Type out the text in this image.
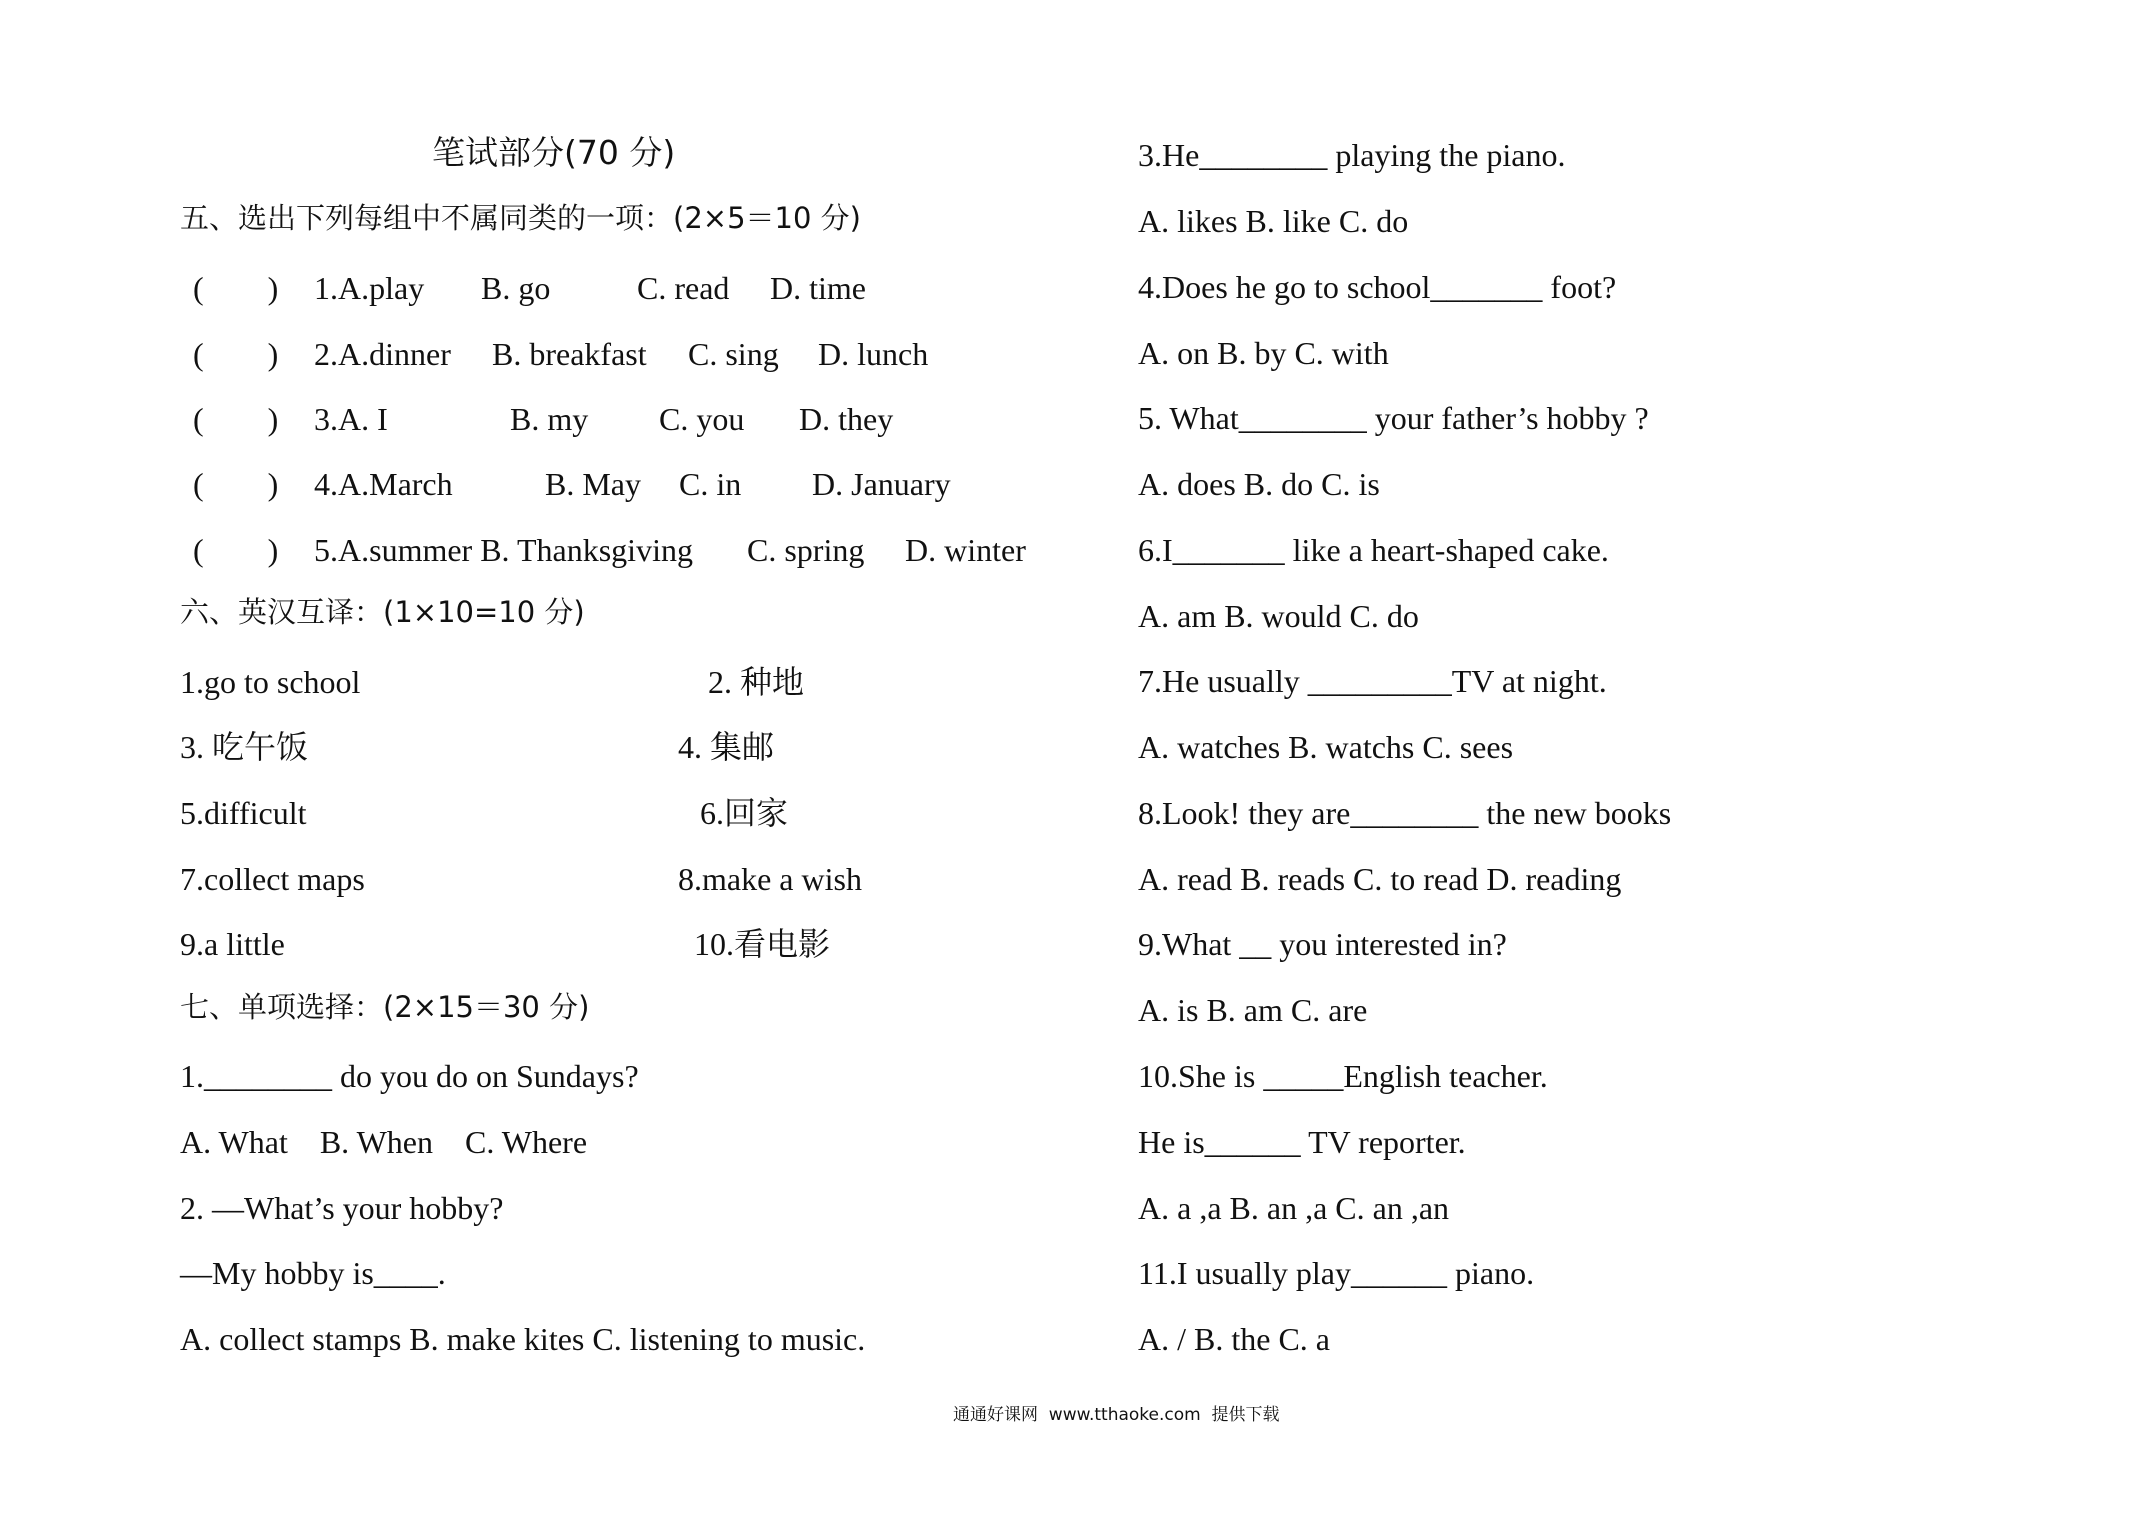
笔试部分(70 分)
五、选出下列每组中不属同类的一项：(2×5＝10 分)
(        ) 1.A.play B. go	C. read D. time
(        ) 2.A.dinner B. breakfast C. sing D. lunch
(        ) 3.A. I	B. my C. you D. they
(        ) 4.A.March	B. May C. in D. January
(        ) 5.A.summer B. Thanksgiving C. spring D. winter
六、英汉互译：(1×10=10 分)
1.go to school	2. 种地
3. 吃午饭	4. 集邮
5.difficult	6.回家
7.collect maps	8.make a wish
9.a little	10.看电影
七、单项选择：(2×15＝30 分)
1.________ do you do on Sundays?
A. What    B. When    C. Where
2. —What’s your hobby?
—My hobby is____.
A. collect stamps B. make kites C. listening to music.
3.He________ playing the piano.
A. likes B. like C. do
4.Does he go to school_______ foot?
A. on B. by C. with
5. What________ your father’s hobby ?
A. does B. do C. is
6.I_______ like a heart-shaped cake.
A. am B. would C. do
7.He usually _________TV at night.
A. watches B. watchs C. sees
8.Look! they are________ the new books
A. read B. reads C. to read D. reading
9.What __ you interested in?
A. is B. am C. are
10.She is _____English teacher.
He is______ TV reporter.
A. a ,a B. an ,a C. an ,an
11.I usually play______ piano.
A. / B. the C. a
通通好课网  www.tthaoke.com  提供下载
